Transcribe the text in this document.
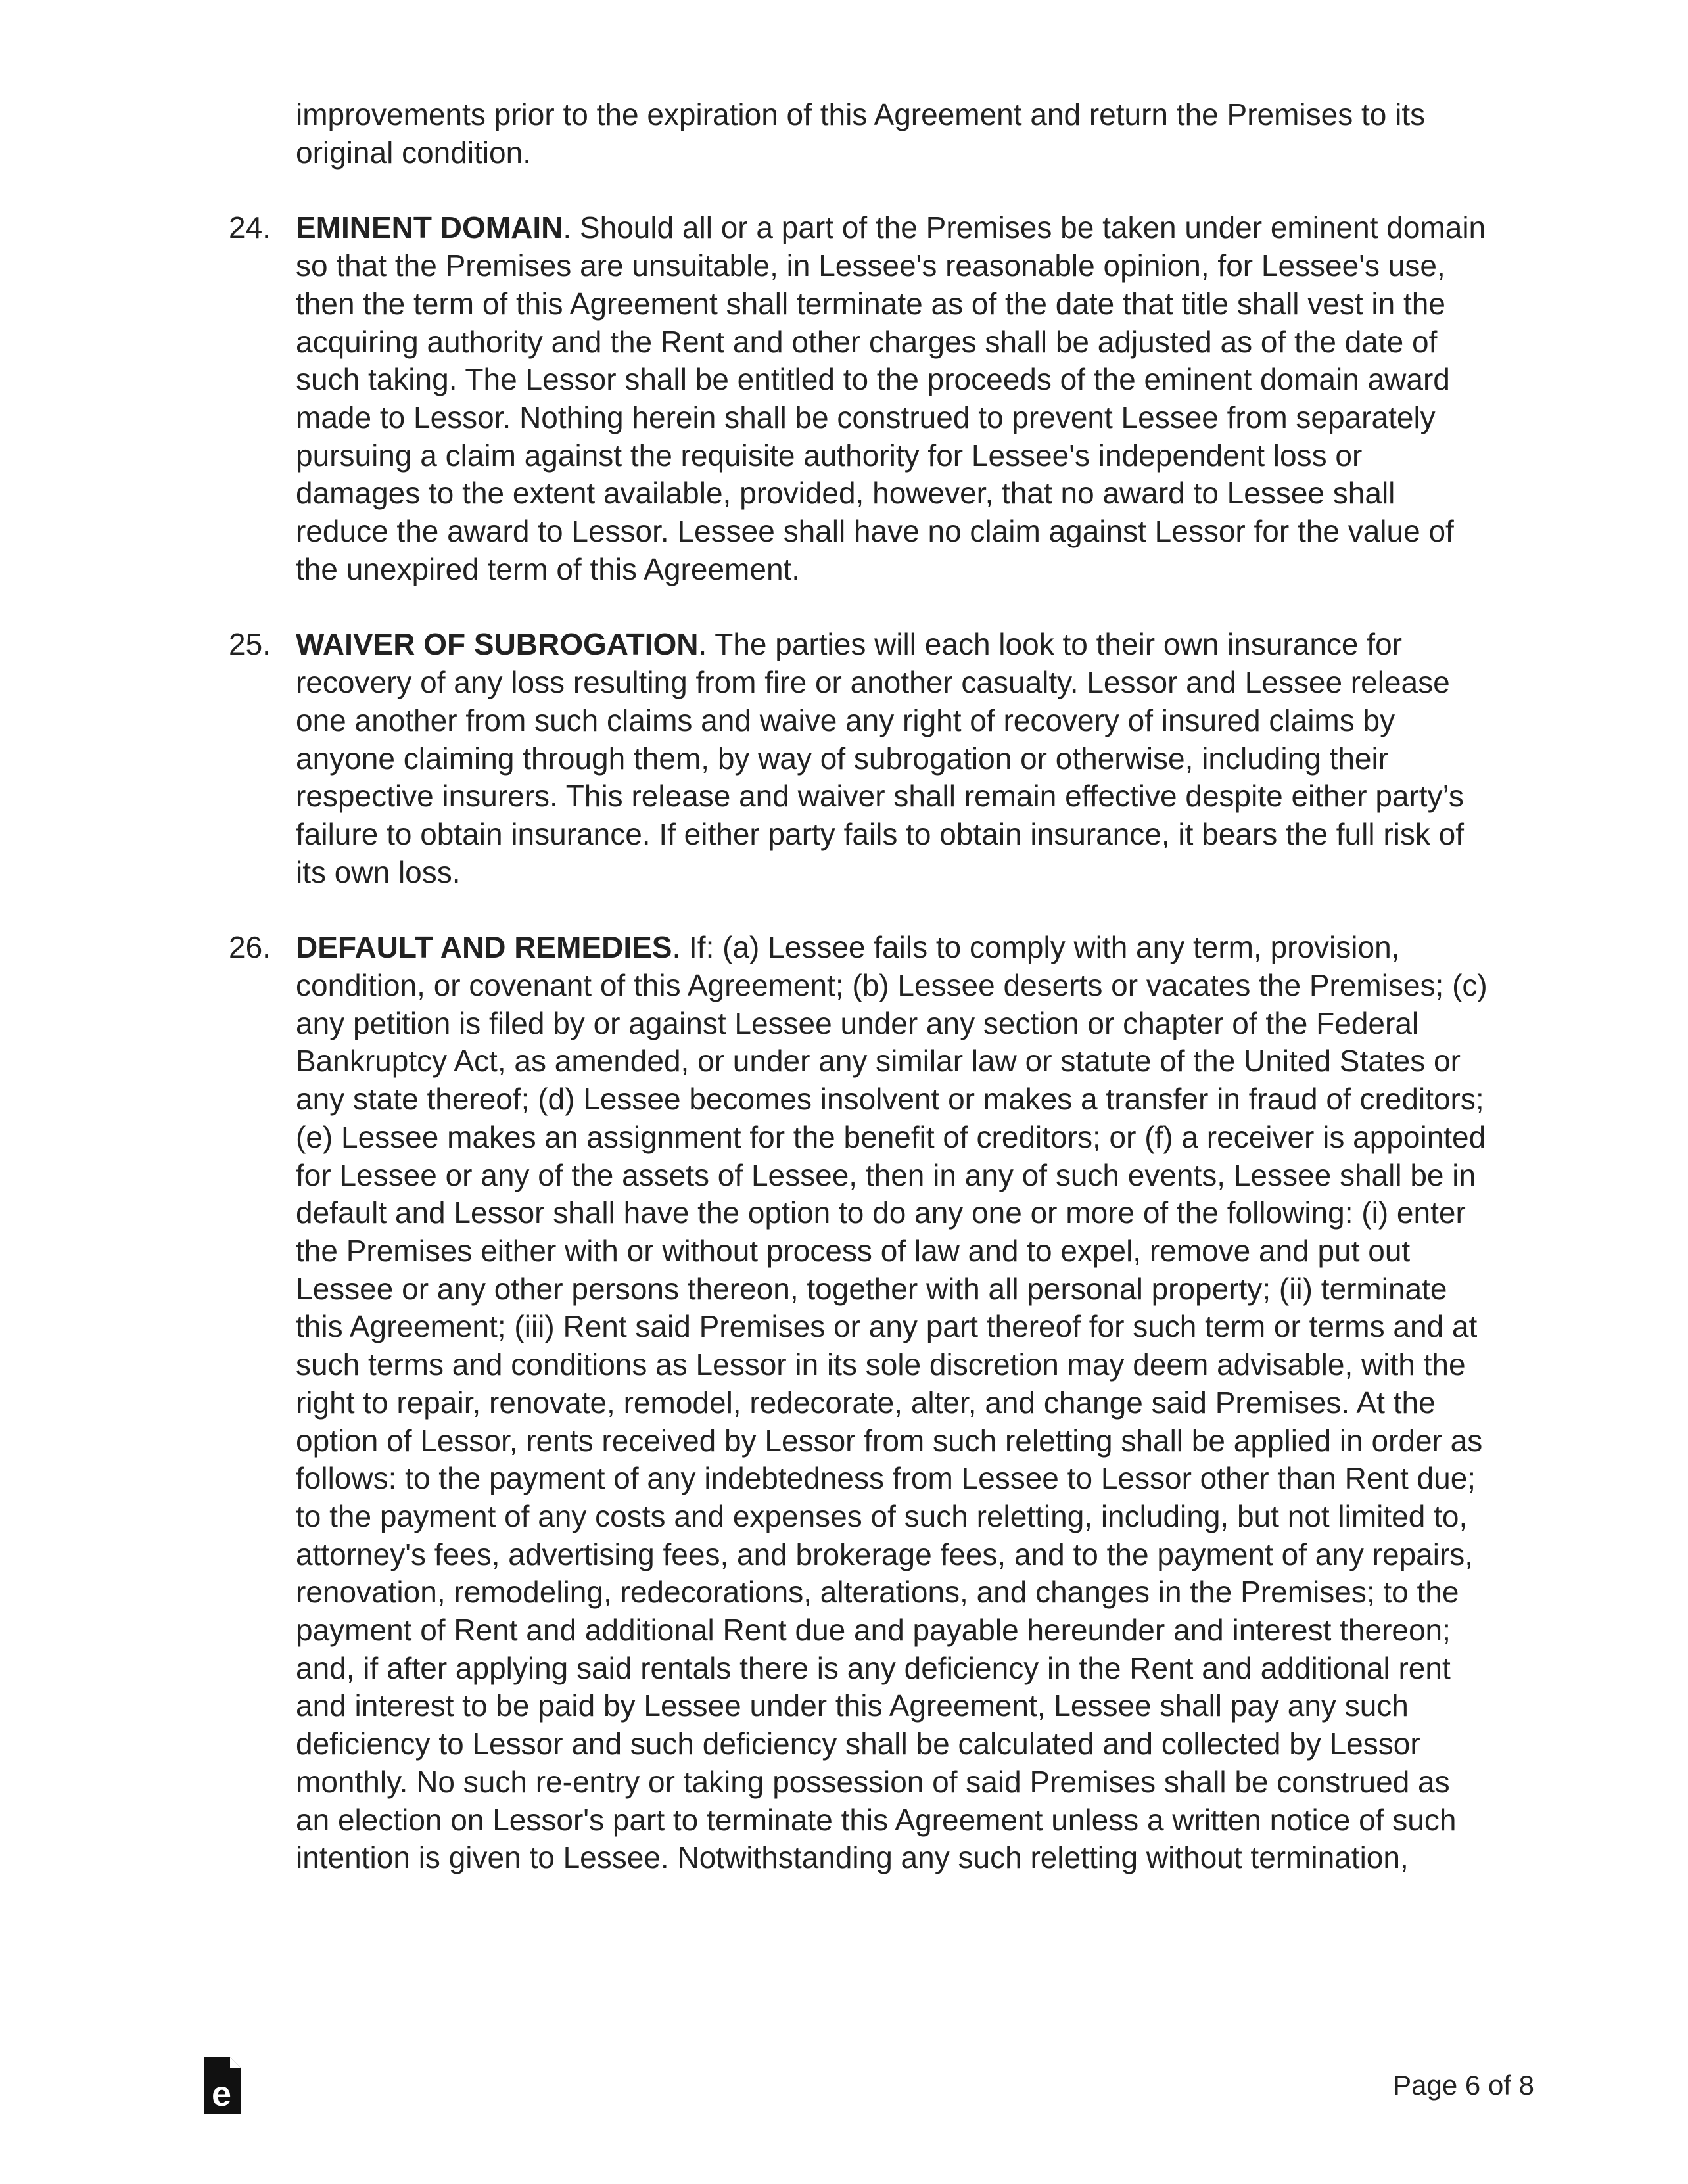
improvements prior to the expiration of this Agreement and return the Premises to its original condition.

24. EMINENT DOMAIN. Should all or a part of the Premises be taken under eminent domain so that the Premises are unsuitable, in Lessee's reasonable opinion, for Lessee's use, then the term of this Agreement shall terminate as of the date that title shall vest in the acquiring authority and the Rent and other charges shall be adjusted as of the date of such taking. The Lessor shall be entitled to the proceeds of the eminent domain award made to Lessor. Nothing herein shall be construed to prevent Lessee from separately pursuing a claim against the requisite authority for Lessee's independent loss or damages to the extent available, provided, however, that no award to Lessee shall reduce the award to Lessor. Lessee shall have no claim against Lessor for the value of the unexpired term of this Agreement.
25. WAIVER OF SUBROGATION. The parties will each look to their own insurance for recovery of any loss resulting from fire or another casualty. Lessor and Lessee release one another from such claims and waive any right of recovery of insured claims by anyone claiming through them, by way of subrogation or otherwise, including their respective insurers. This release and waiver shall remain effective despite either party’s failure to obtain insurance. If either party fails to obtain insurance, it bears the full risk of its own loss.
26. DEFAULT AND REMEDIES. If: (a) Lessee fails to comply with any term, provision, condition, or covenant of this Agreement; (b) Lessee deserts or vacates the Premises; (c) any petition is filed by or against Lessee under any section or chapter of the Federal Bankruptcy Act, as amended, or under any similar law or statute of the United States or any state thereof; (d) Lessee becomes insolvent or makes a transfer in fraud of creditors; (e) Lessee makes an assignment for the benefit of creditors; or (f) a receiver is appointed for Lessee or any of the assets of Lessee, then in any of such events, Lessee shall be in default and Lessor shall have the option to do any one or more of the following: (i) enter the Premises either with or without process of law and to expel, remove and put out Lessee or any other persons thereon, together with all personal property; (ii) terminate this Agreement; (iii) Rent said Premises or any part thereof for such term or terms and at such terms and conditions as Lessor in its sole discretion may deem advisable, with the right to repair, renovate, remodel, redecorate, alter, and change said Premises. At the option of Lessor, rents received by Lessor from such reletting shall be applied in order as follows: to the payment of any indebtedness from Lessee to Lessor other than Rent due; to the payment of any costs and expenses of such reletting, including, but not limited to, attorney's fees, advertising fees, and brokerage fees, and to the payment of any repairs, renovation, remodeling, redecorations, alterations, and changes in the Premises; to the payment of Rent and additional Rent due and payable hereunder and interest thereon; and, if after applying said rentals there is any deficiency in the Rent and additional rent and interest to be paid by Lessee under this Agreement, Lessee shall pay any such deficiency to Lessor and such deficiency shall be calculated and collected by Lessor monthly. No such re-entry or taking possession of said Premises shall be construed as an election on Lessor's part to terminate this Agreement unless a written notice of such intention is given to Lessee. Notwithstanding any such reletting without termination,
e	Page 6 of 8
